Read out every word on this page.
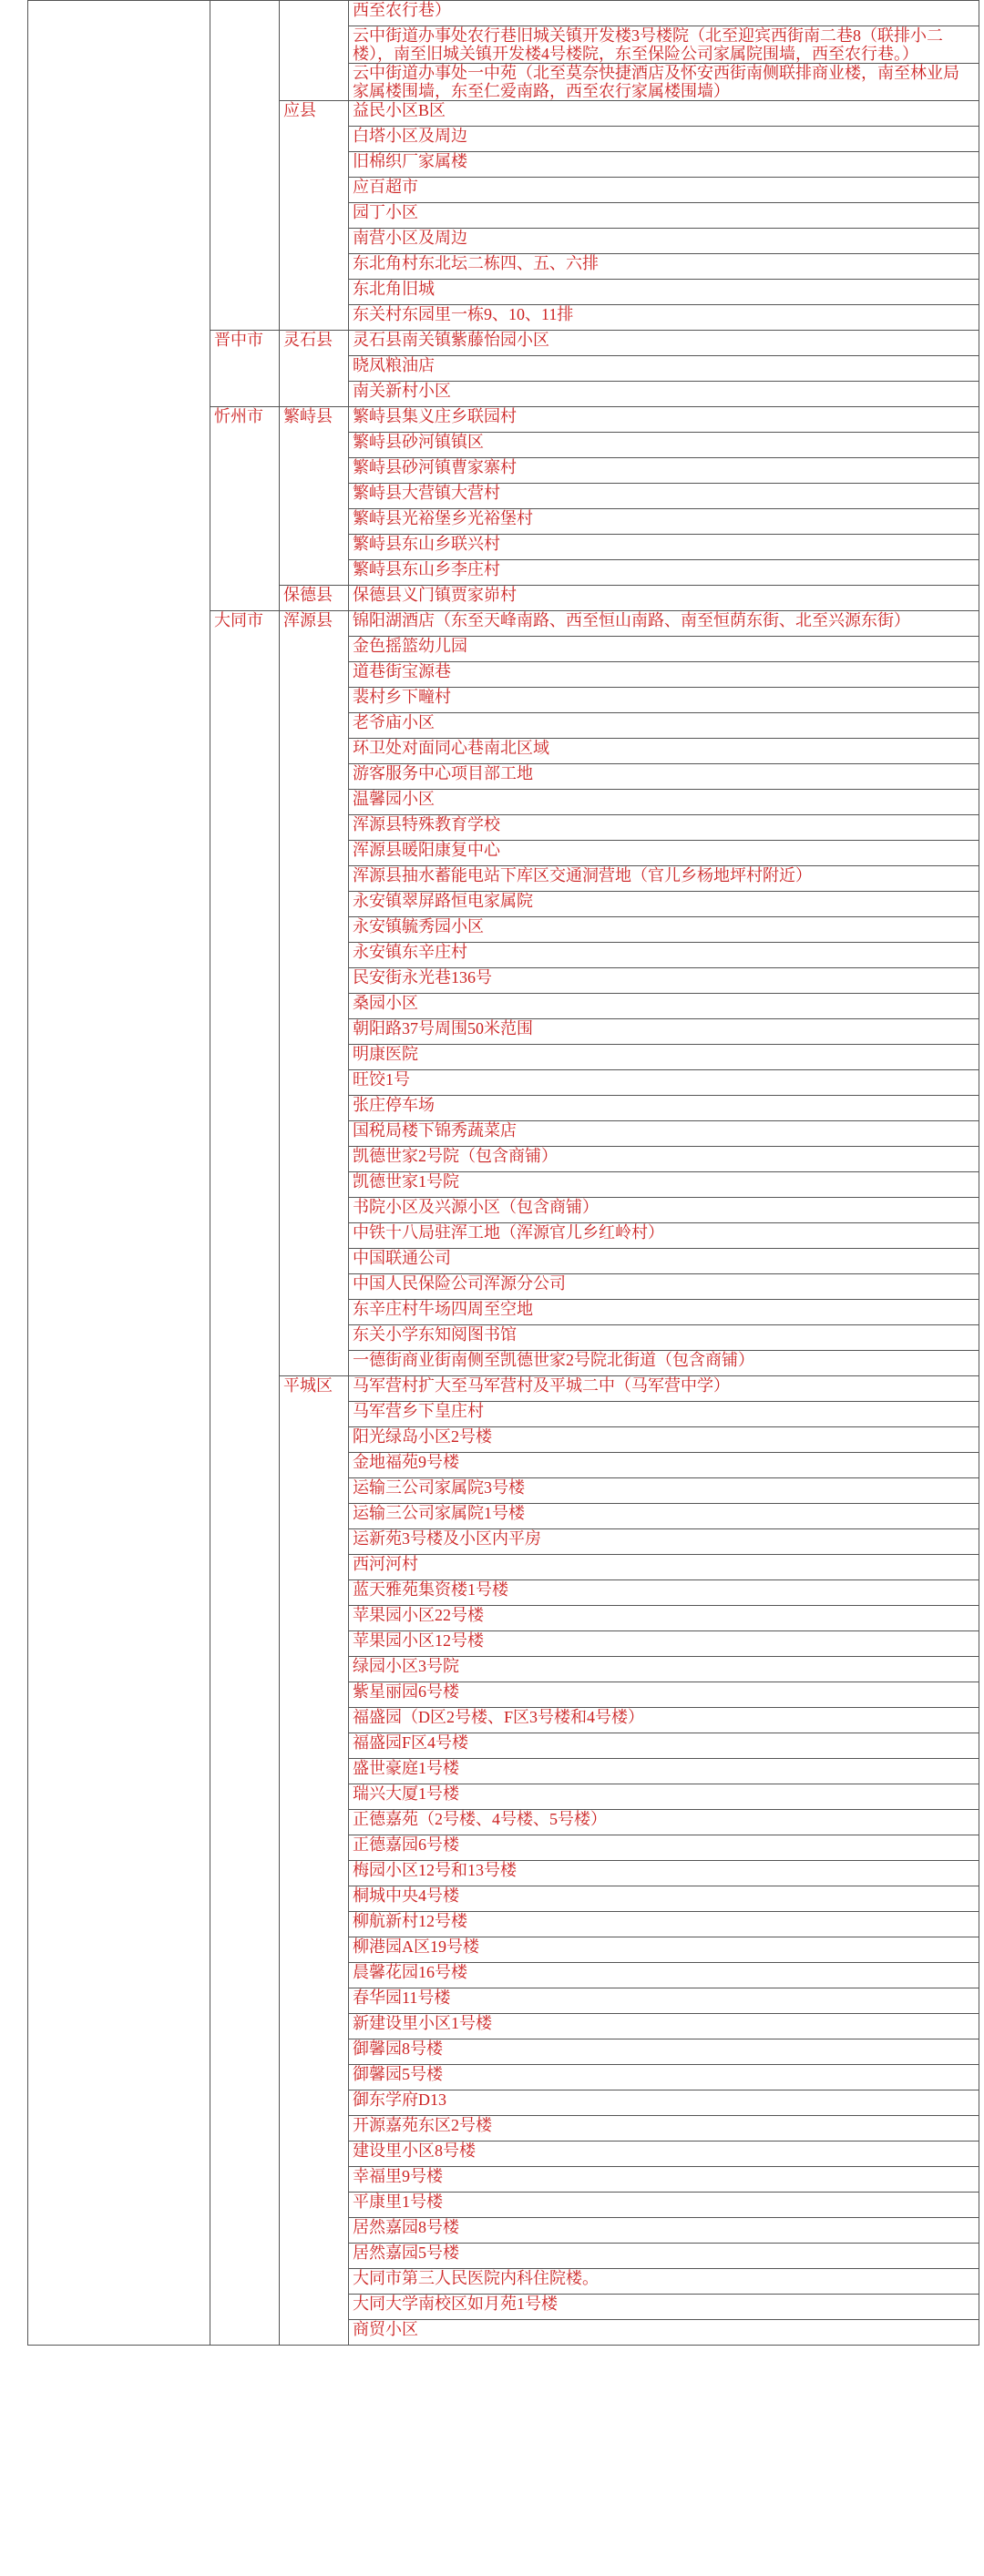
			西至农行巷）
			云中街道办事处农行巷旧城关镇开发楼3号楼院（北至迎宾西街南二巷8（联排小二楼），南至旧城关镇开发楼4号楼院，东至保险公司家属院围墙，西至农行巷。）
			云中街道办事处一中苑（北至莫奈快捷酒店及怀安西街南侧联排商业楼，南至林业局家属楼围墙，东至仁爱南路，西至农行家属楼围墙）
		应县	益民小区B区
			白塔小区及周边
			旧棉织厂家属楼
			应百超市
			园丁小区
			南营小区及周边
			东北角村东北坛二栋四、五、六排
			东北角旧城
			东关村东园里一栋9、10、11排
	晋中市	灵石县	灵石县南关镇紫藤怡园小区
			晓凤粮油店
			南关新村小区
	忻州市	繁峙县	繁峙县集义庄乡联园村
			繁峙县砂河镇镇区
			繁峙县砂河镇曹家寨村
			繁峙县大营镇大营村
			繁峙县光裕堡乡光裕堡村
			繁峙县东山乡联兴村
			繁峙县东山乡李庄村
		保德县	保德县义门镇贾家峁村
	大同市	浑源县	锦阳湖酒店（东至天峰南路、西至恒山南路、南至恒荫东街、北至兴源东街）
			金色摇篮幼儿园
			道巷街宝源巷
			裴村乡下疃村
			老爷庙小区
			环卫处对面同心巷南北区域
			游客服务中心项目部工地
			温馨园小区
			浑源县特殊教育学校
			浑源县暖阳康复中心
			浑源县抽水蓄能电站下库区交通洞营地（官儿乡杨地坪村附近）
			永安镇翠屏路恒电家属院
			永安镇毓秀园小区
			永安镇东辛庄村
			民安街永光巷136号
			桑园小区
			朝阳路37号周围50米范围
			明康医院
			旺饺1号
			张庄停车场
			国税局楼下锦秀蔬菜店
			凯德世家2号院（包含商铺）
			凯德世家1号院
			书院小区及兴源小区（包含商铺）
			中铁十八局驻浑工地（浑源官儿乡红岭村）
			中国联通公司
			中国人民保险公司浑源分公司
			东辛庄村牛场四周至空地
			东关小学东知阅图书馆
			一德街商业街南侧至凯德世家2号院北街道（包含商铺）
		平城区	马军营村扩大至马军营村及平城二中（马军营中学）
			马军营乡下皇庄村
			阳光绿岛小区2号楼
			金地福苑9号楼
			运输三公司家属院3号楼
			运输三公司家属院1号楼
			运新苑3号楼及小区内平房
			西河河村
			蓝天雅苑集资楼1号楼
			苹果园小区22号楼
			苹果园小区12号楼
			绿园小区3号院
			紫星丽园6号楼
			福盛园（D区2号楼、F区3号楼和4号楼）
			福盛园F区4号楼
			盛世豪庭1号楼
			瑞兴大厦1号楼
			正德嘉苑（2号楼、4号楼、5号楼）
			正德嘉园6号楼
			梅园小区12号和13号楼
			桐城中央4号楼
			柳航新村12号楼
			柳港园A区19号楼
			晨馨花园16号楼
			春华园11号楼
			新建设里小区1号楼
			御馨园8号楼
			御馨园5号楼
			御东学府D13
			开源嘉苑东区2号楼
			建设里小区8号楼
			幸福里9号楼
			平康里1号楼
			居然嘉园8号楼
			居然嘉园5号楼
			大同市第三人民医院内科住院楼。
			大同大学南校区如月苑1号楼
			商贸小区
